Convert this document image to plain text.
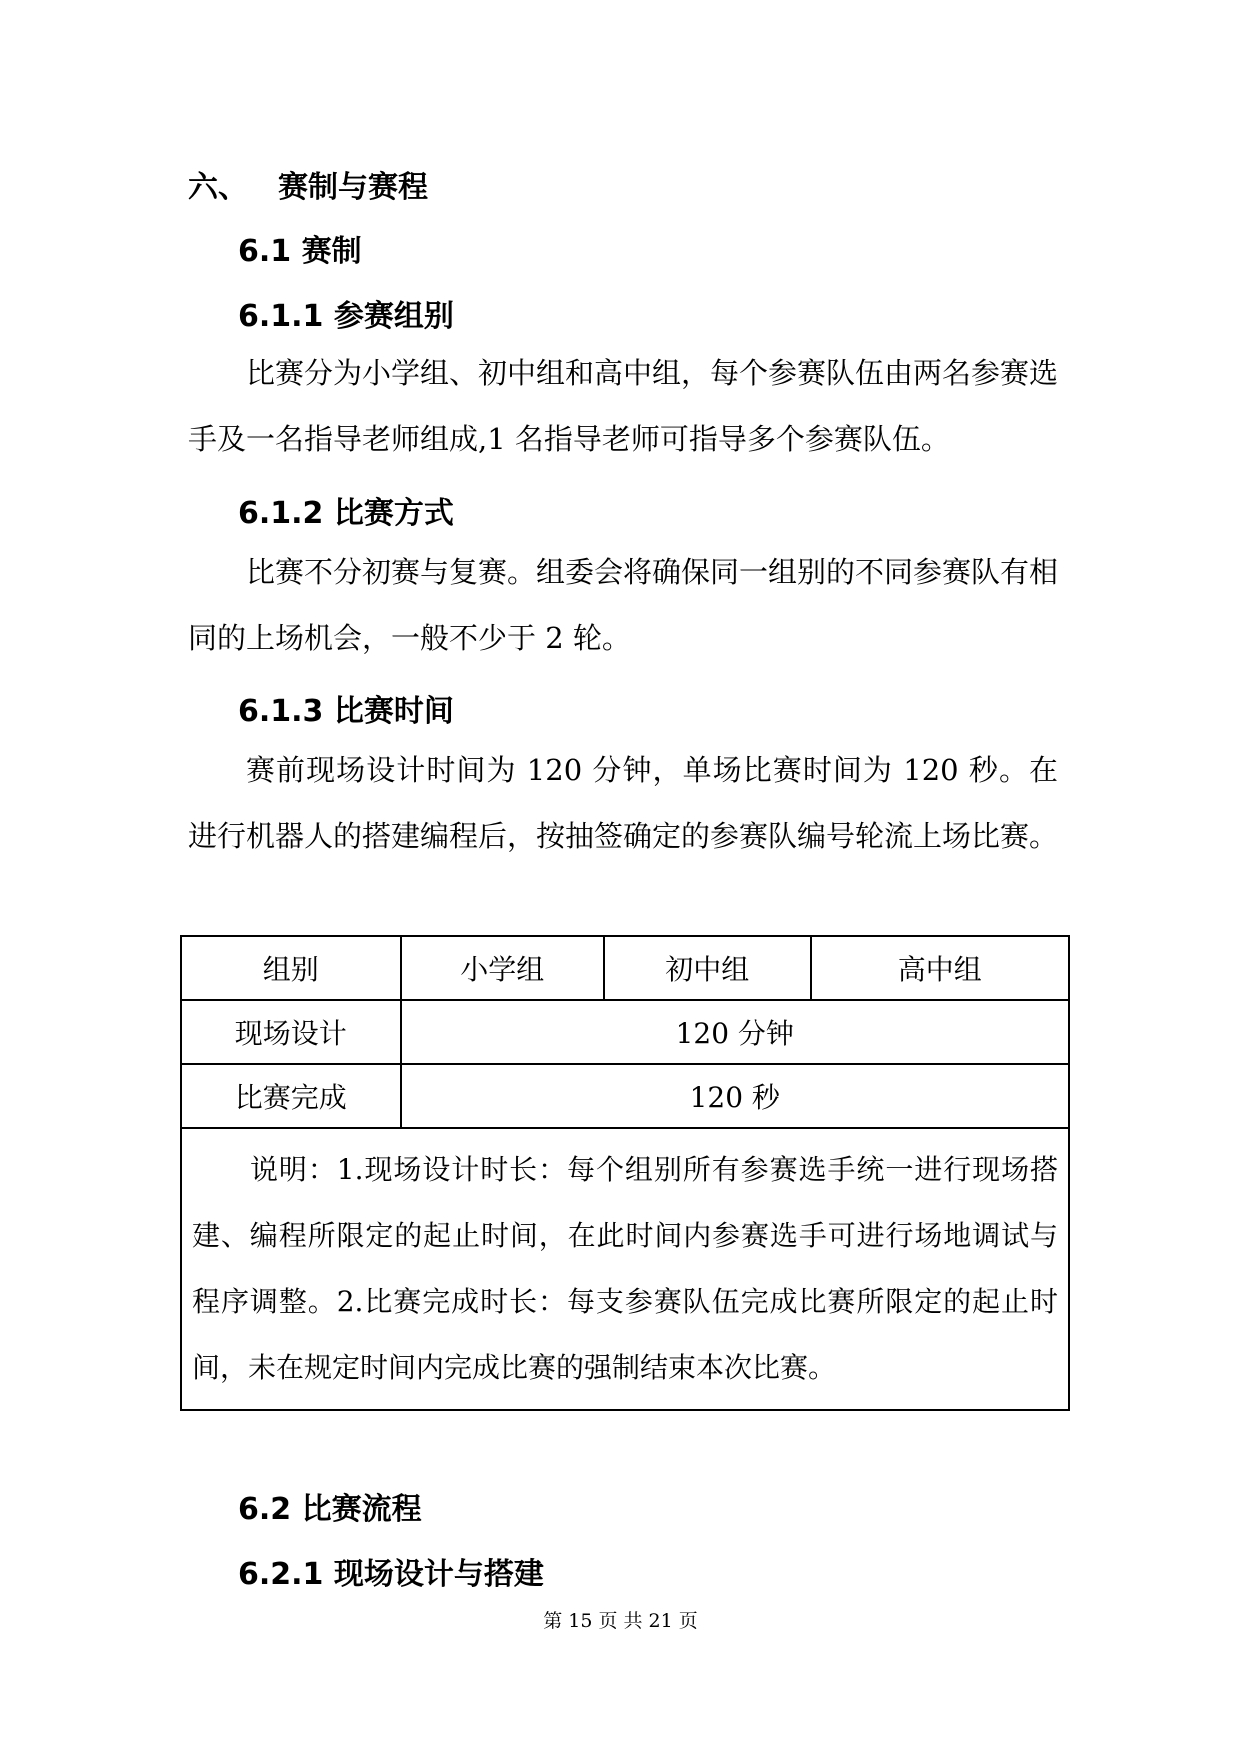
六、 赛制与赛程
6.1 赛制
6.1.1 参赛组别

比赛分为小学组、初中组和高中组，每个参赛队伍由两名参赛选手及一名指导老师组成,1 名指导老师可指导多个参赛队伍。

6.1.2 比赛方式

比赛不分初赛与复赛。组委会将确保同一组别的不同参赛队有相同的上场机会，一般不少于 2 轮。

6.1.3 比赛时间

赛前现场设计时间为 120 分钟，单场比赛时间为 120 秒。在进行机器人的搭建编程后，按抽签确定的参赛队编号轮流上场比赛。

组别	小学组	初中组	高中组
现场设计	120 分钟		
比赛完成	120 秒		
说明：1.现场设计时长：每个组别所有参赛选手统一进行现场搭建、编程所限定的起止时间，在此时间内参赛选手可进行场地调试与程序调整。2.比赛完成时长：每支参赛队伍完成比赛所限定的起止时间，未在规定时间内完成比赛的强制结束本次比赛。			
6.2 比赛流程
6.2.1 现场设计与搭建
第 15 页 共 21 页
